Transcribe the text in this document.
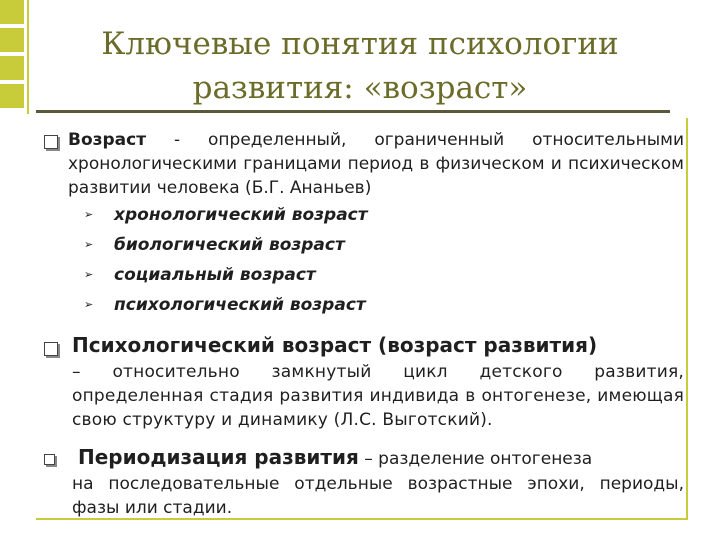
Ключевые понятия психологии
развития: «возраст»
Возраст - определенный, ограниченный относительными хронологическими границами период в физическом и психическом развитии человека (Б.Г. Ананьев)
➢ хронологический возраст
➢ биологический возраст
➢ социальный возраст
➢ психологический возраст
Психологический возраст (возраст развития)
– относительно замкнутый цикл детского развития, определенная стадия развития индивида в онтогенезе, имеющая свою структуру и динамику (Л.С. Выготский).
Периодизация развития – разделение онтогенеза
на последовательные отдельные возрастные эпохи, периоды, фазы или стадии.
